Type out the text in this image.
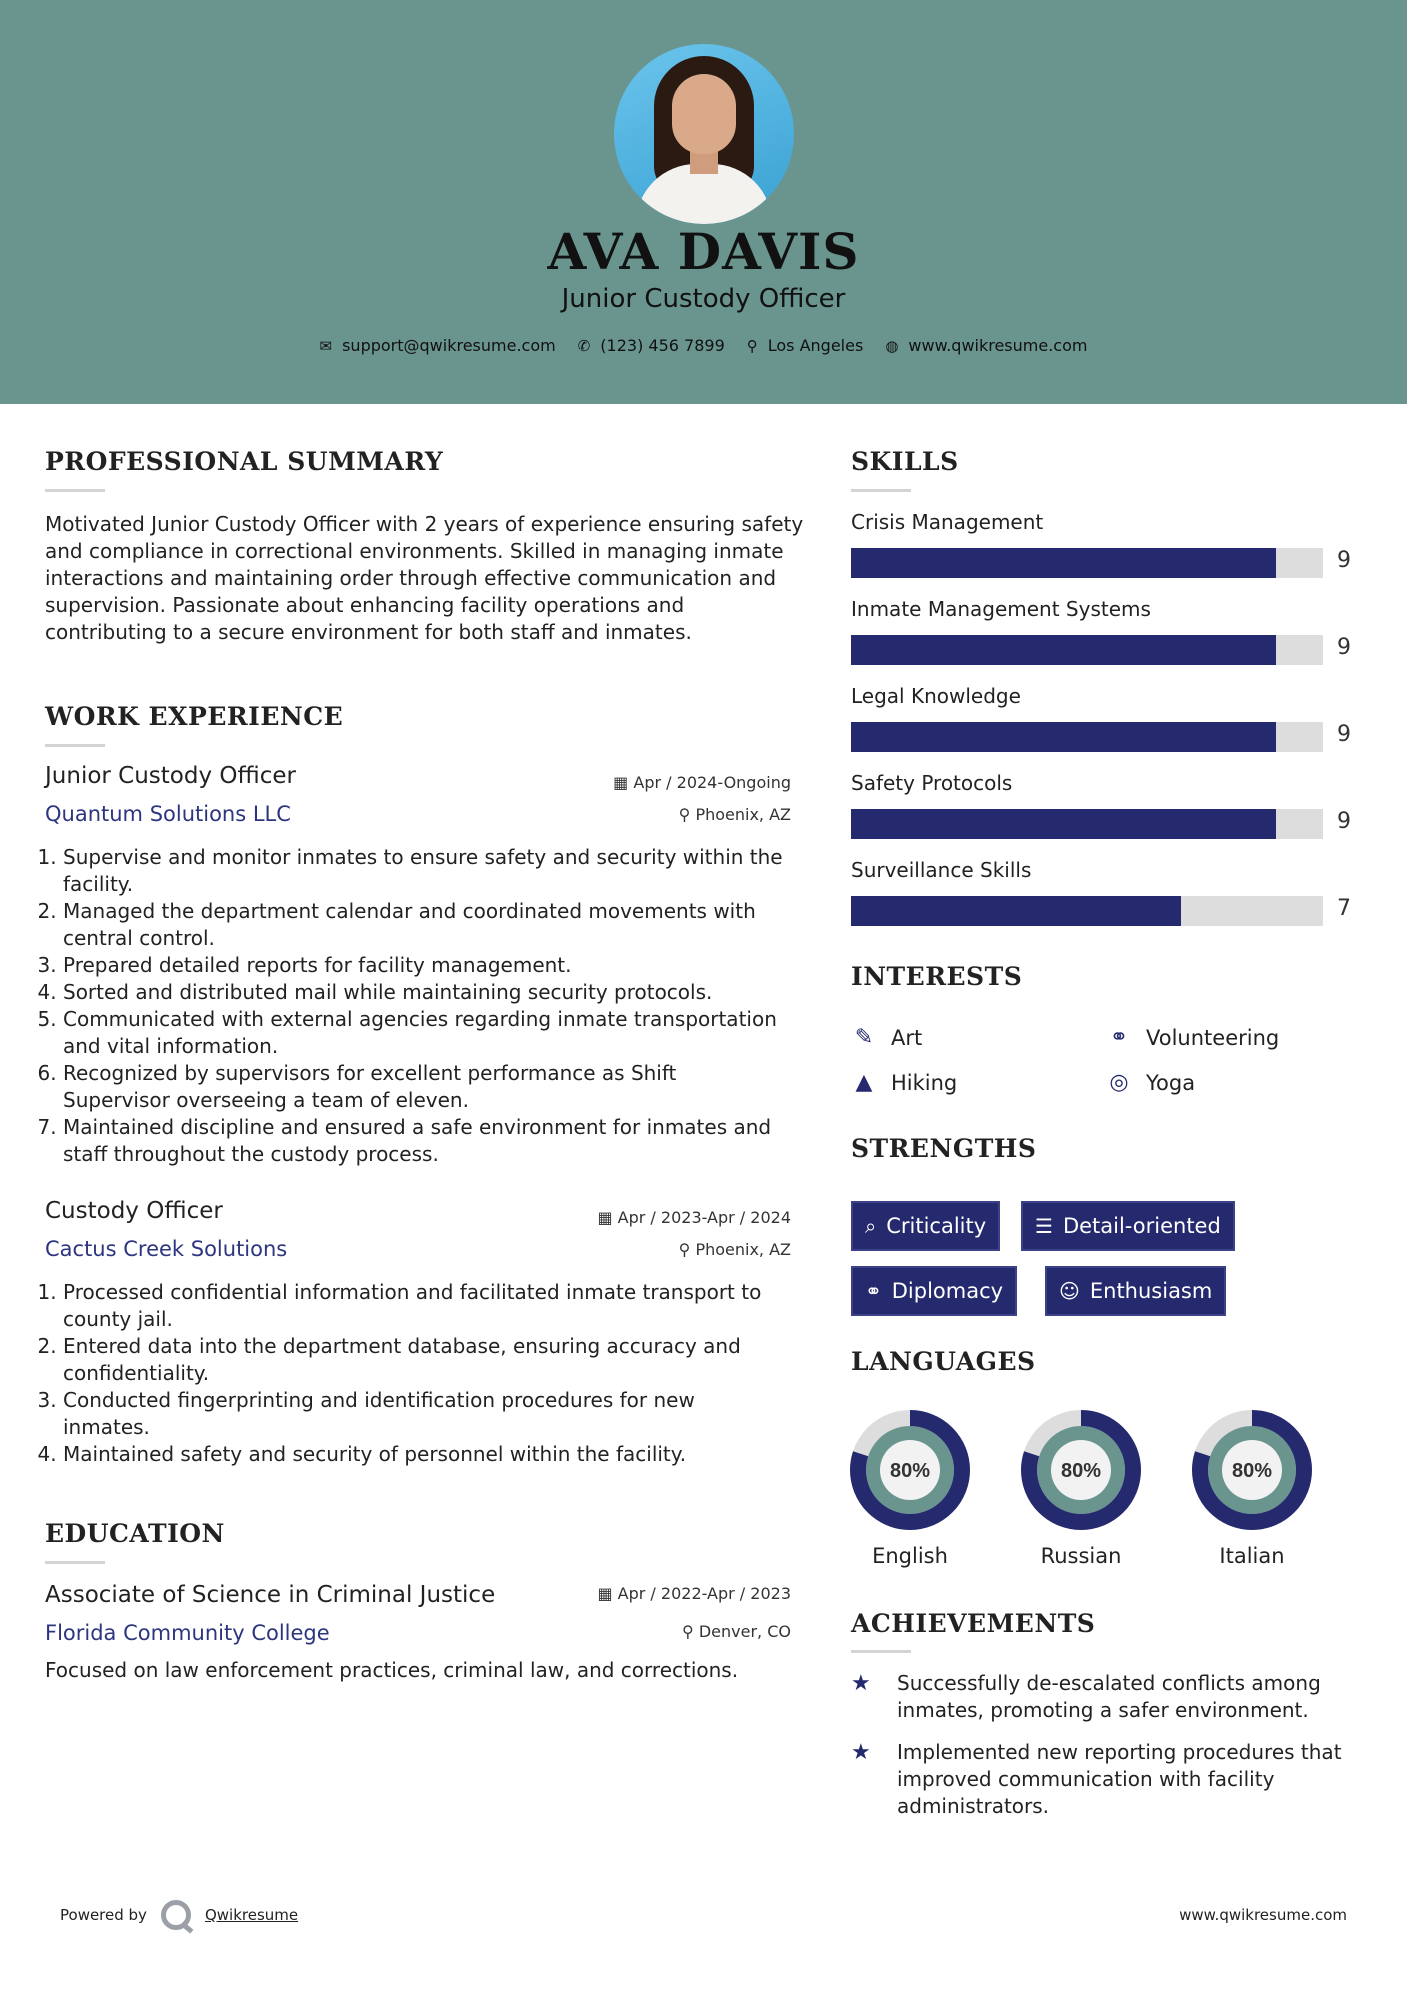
AVA DAVIS
Junior Custody Officer
✉ support@qwikresume.com ✆ (123) 456 7899 ⚲ Los Angeles ◍ www.qwikresume.com
PROFESSIONAL SUMMARY
Motivated Junior Custody Officer with 2 years of experience ensuring safety and compliance in correctional environments. Skilled in managing inmate interactions and maintaining order through effective communication and supervision. Passionate about enhancing facility operations and contributing to a secure environment for both staff and inmates.
WORK EXPERIENCE
Junior Custody Officer
Quantum Solutions LLC
▦ Apr / 2024-Ongoing
⚲ Phoenix, AZ
1. Supervise and monitor inmates to ensure safety and security within the facility.
2. Managed the department calendar and coordinated movements with central control.
3. Prepared detailed reports for facility management.
4. Sorted and distributed mail while maintaining security protocols.
5. Communicated with external agencies regarding inmate transportation and vital information.
6. Recognized by supervisors for excellent performance as Shift Supervisor overseeing a team of eleven.
7. Maintained discipline and ensured a safe environment for inmates and staff throughout the custody process.
Custody Officer
Cactus Creek Solutions
▦ Apr / 2023-Apr / 2024
⚲ Phoenix, AZ
1. Processed confidential information and facilitated inmate transport to county jail.
2. Entered data into the department database, ensuring accuracy and confidentiality.
3. Conducted fingerprinting and identification procedures for new inmates.
4. Maintained safety and security of personnel within the facility.
EDUCATION
Associate of Science in Criminal Justice
Florida Community College
▦ Apr / 2022-Apr / 2023
⚲ Denver, CO
Focused on law enforcement practices, criminal law, and corrections.
SKILLS
Crisis Management
9
Inmate Management Systems
9
Legal Knowledge
9
Safety Protocols
9
Surveillance Skills
7
INTERESTS
✎ Art	⚭ Volunteering
▲ Hiking	◎ Yoga
STRENGTHS
⌕ Criticality ☰ Detail-oriented
⚭ Diplomacy	☺ Enthusiasm
LANGUAGES
80%
English
80%
Russian
80%
Italian
ACHIEVEMENTS
★	Successfully de-escalated conflicts among inmates, promoting a safer environment.
★	Implemented new reporting procedures that improved communication with facility administrators.
Powered by	Qwikresume	www.qwikresume.com
